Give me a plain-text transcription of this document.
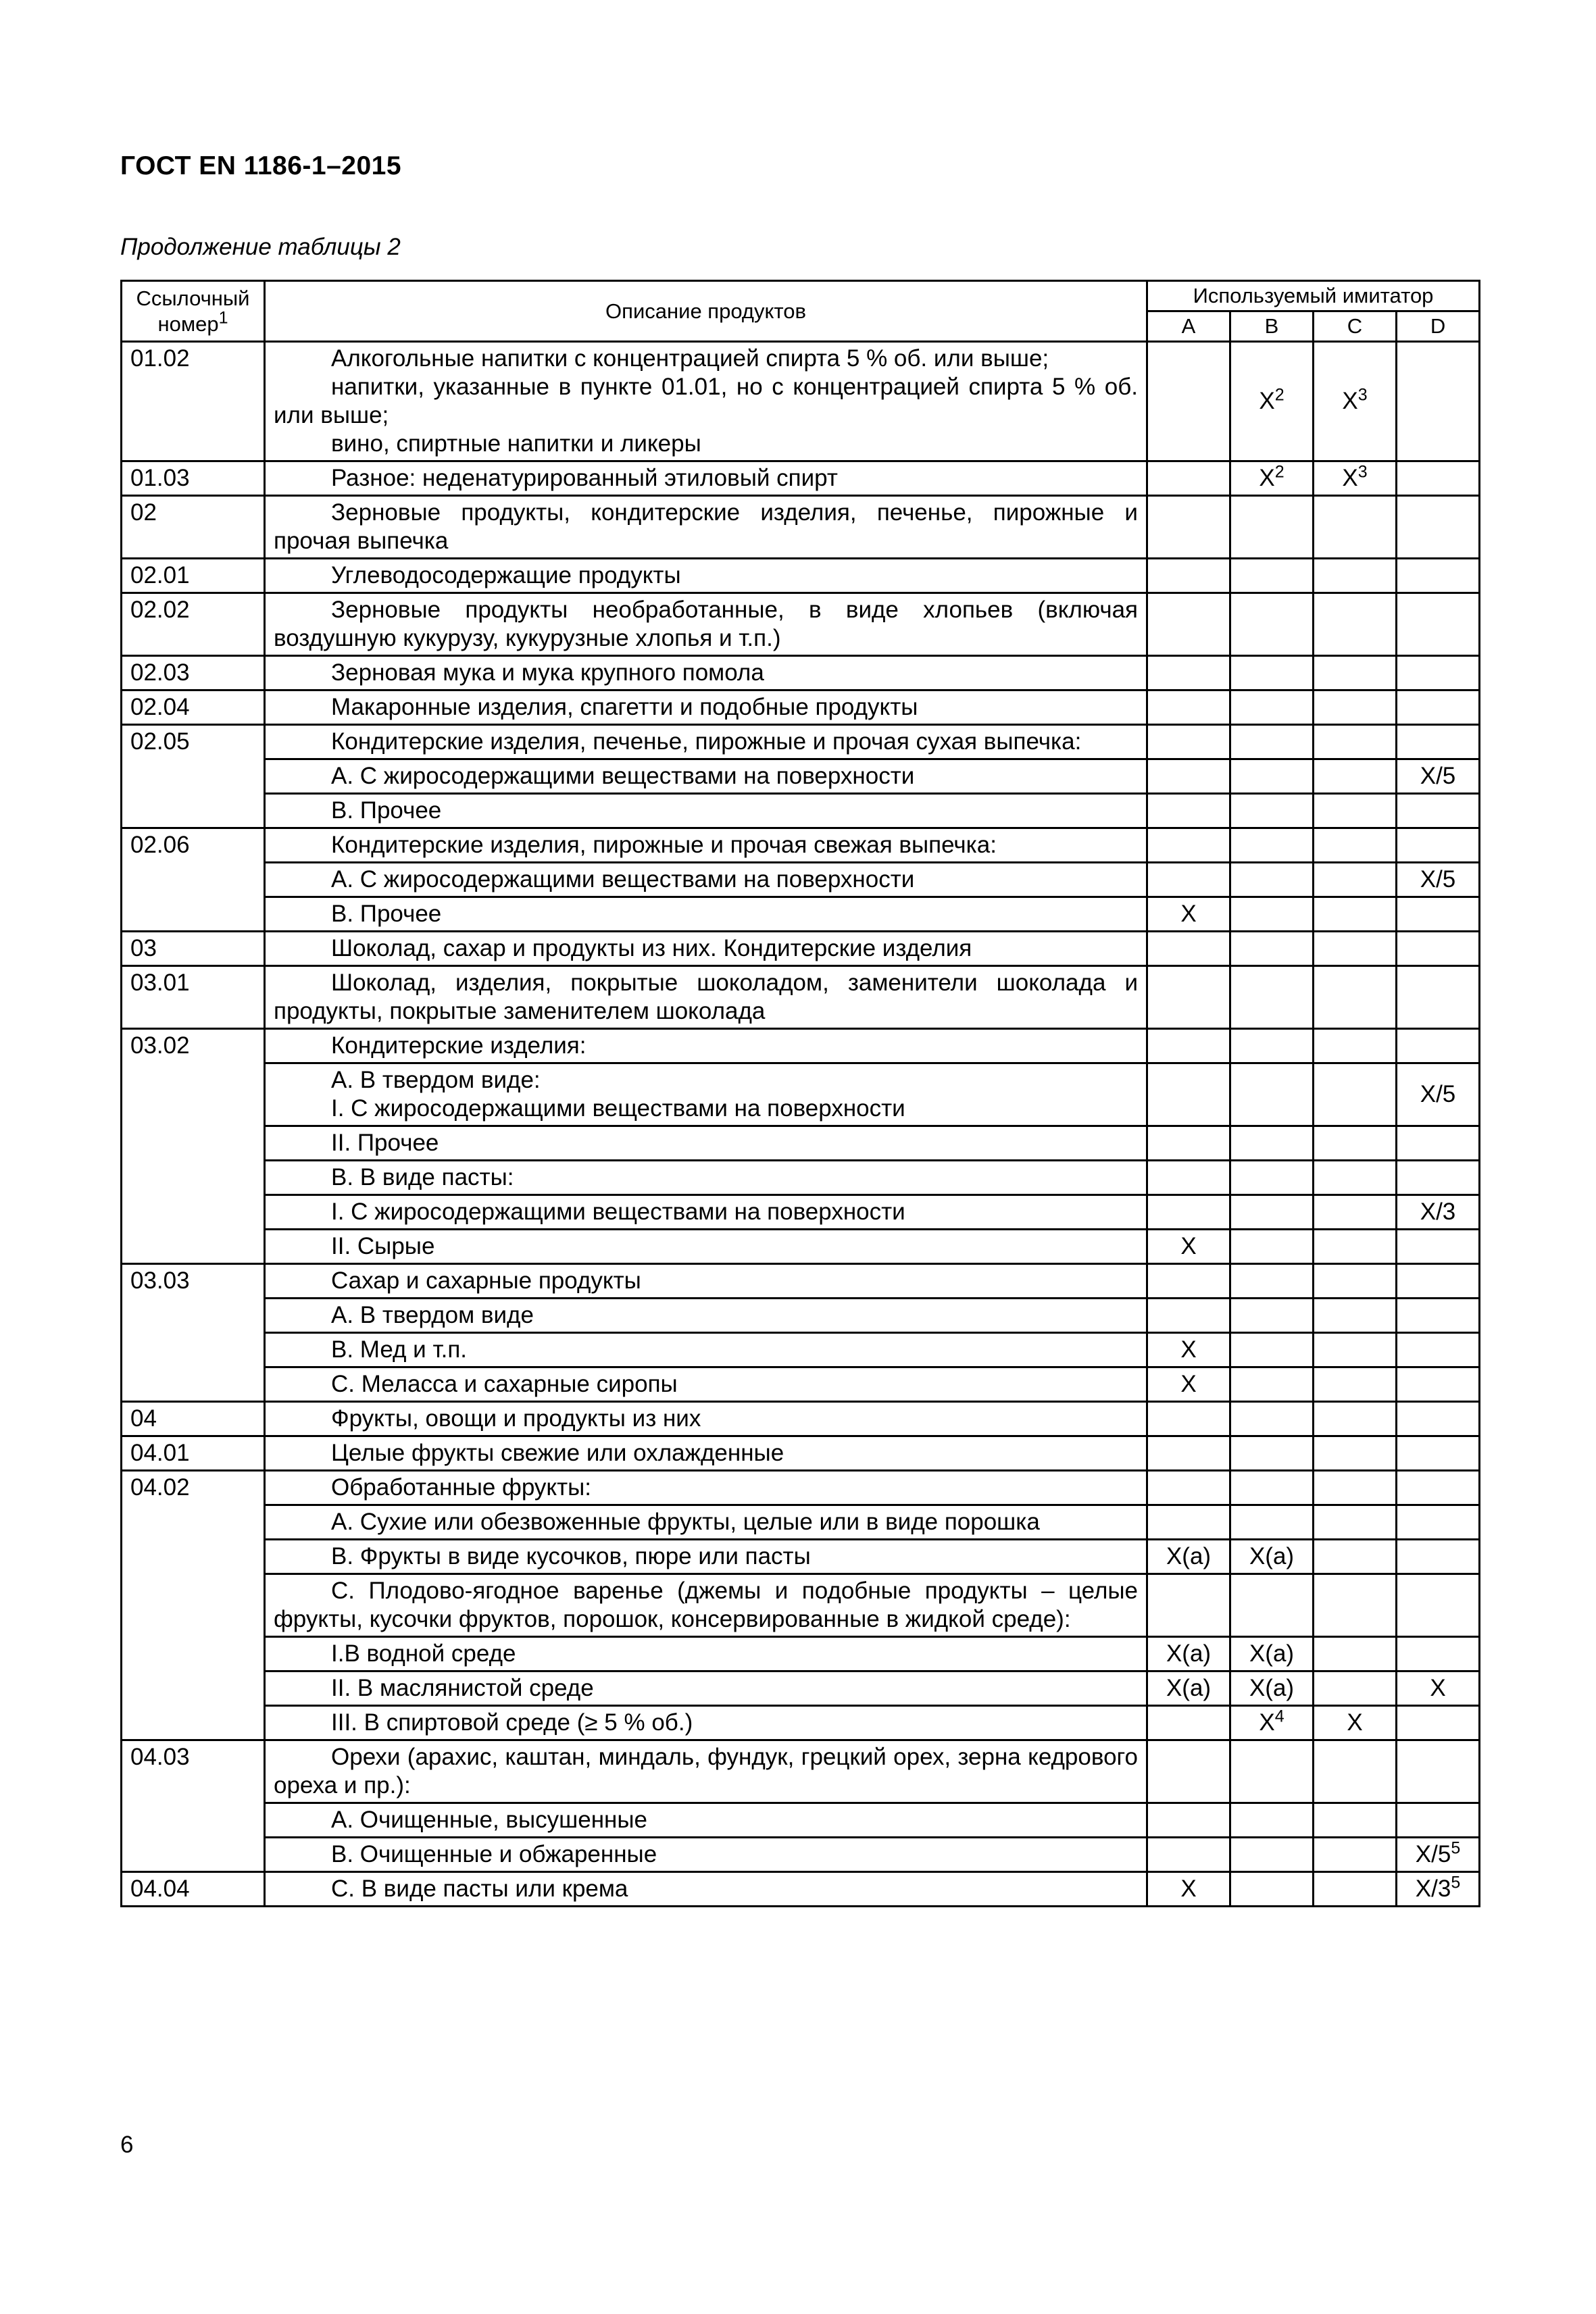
ГОСТ EN 1186-1–2015
Продолжение таблицы 2
Ссылочный номер$^1$	Описание продуктов	Используемый имитатор			
		A	B	C	D
01.02	Алкогольные напитки с концентрацией спирта 5 % об. или выше;
напитки, указанные в пункте 01.01, но с концентрацией спирта 5 % об. или выше;
вино, спиртные напитки и ликеры		$X^2$	$X^3$	
01.03	Разное: неденатурированный этиловый спирт		$X^2$	$X^3$	
02	Зерновые продукты, кондитерские изделия, печенье, пирожные и прочая выпечка				

02.01	Углеводосодержащие продукты				

02.02	Зерновые продукты необработанные, в виде хлопьев (включая воздушную кукурузу, кукурузные хлопья и т.п.)				

02.03	Зерновая мука и мука крупного помола				

02.04	Макаронные изделия, спагетти и подобные продукты				

02.05	Кондитерские изделия, печенье, пирожные и прочая сухая выпечка:				

	A. С жиросодержащими веществами на поверхности				X/5

	B. Прочее				

02.06	Кондитерские изделия, пирожные и прочая свежая выпечка:				

	A. С жиросодержащими веществами на поверхности				X/5

	B. Прочее	X			
03	Шоколад, сахар и продукты из них. Кондитерские изделия				

03.01	Шоколад, изделия, покрытые шоколадом, заменители шоколада и продукты, покрытые заменителем шоколада				

03.02	Кондитерские изделия:				

	A. В твердом виде:
I. С жиросодержащими веществами на поверхности				X/5

	II. Прочее				

	B. В виде пасты:				

	I. С жиросодержащими веществами на поверхности				X/3

	II. Сырые	X			
03.03	Сахар и сахарные продукты				

	A. В твердом виде				

	B. Мед и т.п.	X			

	C. Меласса и сахарные сиропы	X			
04	Фрукты, овощи и продукты из них				

04.01	Целые фрукты свежие или охлажденные				

04.02	Обработанные фрукты:				

	A. Сухие или обезвоженные фрукты, целые или в виде порошка				

	B. Фрукты в виде кусочков, пюре или пасты	X(a)	X(a)		

	C. Плодово-ягодное варенье (джемы и подобные продукты – целые фрукты, кусочки фруктов, порошок, консервированные в жидкой среде):				

	I.В водной среде	X(a)	X(a)		

	II. В маслянистой среде	X(a)	X(a)		X

	III. В спиртовой среде (≥ 5 % об.)		$X^4$	X	
04.03	Орехи (арахис, каштан, миндаль, фундук, грецкий орех, зерна кедрового ореха и пр.):				

	A. Очищенные, высушенные				

	B. Очищенные и обжаренные				$X/5^5$
04.04	C. В виде пасты или крема	X			$X/3^5$
6
